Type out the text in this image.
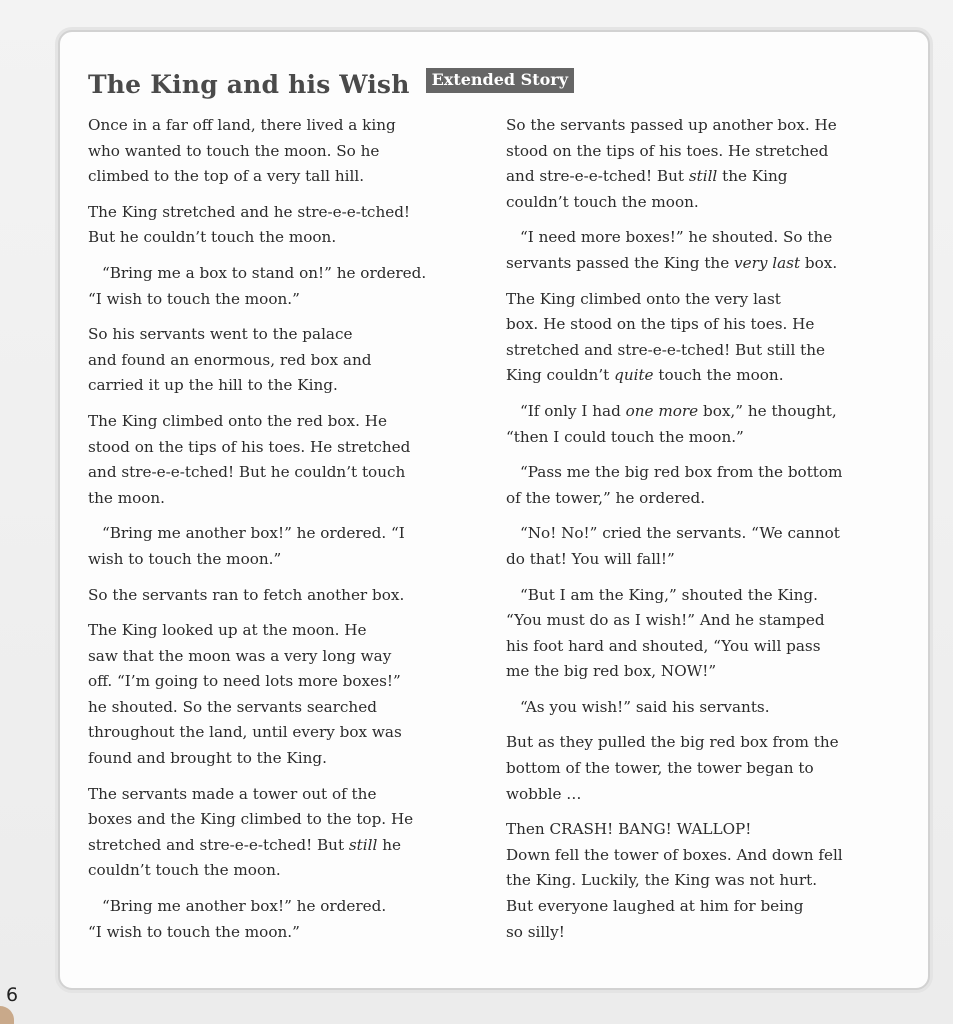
The King and his Wish	Extended Story

Once in a far off land, there lived a king
who wanted to touch the moon. So he
climbed to the top of a very tall hill.

The King stretched and he stre-e-e-tched!
But he couldn’t touch the moon.

“Bring me a box to stand on!” he ordered.
“I wish to touch the moon.”

So his servants went to the palace
and found an enormous, red box and
carried it up the hill to the King.

The King climbed onto the red box. He
stood on the tips of his toes. He stretched
and stre-e-e-tched! But he couldn’t touch
the moon.

“Bring me another box!” he ordered. “I
wish to touch the moon.”

So the servants ran to fetch another box.

The King looked up at the moon. He
saw that the moon was a very long way
off. “I’m going to need lots more boxes!”
he shouted. So the servants searched
throughout the land, until every box was
found and brought to the King.

The servants made a tower out of the
boxes and the King climbed to the top. He
stretched and stre-e-e-tched! But still he
couldn’t touch the moon.

“Bring me another box!” he ordered.
“I wish to touch the moon.”

So the servants passed up another box. He
stood on the tips of his toes. He stretched
and stre-e-e-tched! But still the King
couldn’t touch the moon.

“I need more boxes!” he shouted. So the
servants passed the King the very last box.

The King climbed onto the very last
box. He stood on the tips of his toes. He
stretched and stre-e-e-tched! But still the
King couldn’t quite touch the moon.

“If only I had one more box,” he thought,
“then I could touch the moon.”

“Pass me the big red box from the bottom
of the tower,” he ordered.

“No! No!” cried the servants. “We cannot
do that! You will fall!”

“But I am the King,” shouted the King.
“You must do as I wish!” And he stamped
his foot hard and shouted, “You will pass
me the big red box, NOW!”

“As you wish!” said his servants.

But as they pulled the big red box from the
bottom of the tower, the tower began to
wobble …

Then CRASH! BANG! WALLOP!
Down fell the tower of boxes. And down fell
the King. Luckily, the King was not hurt.
But everyone laughed at him for being
so silly!

6
